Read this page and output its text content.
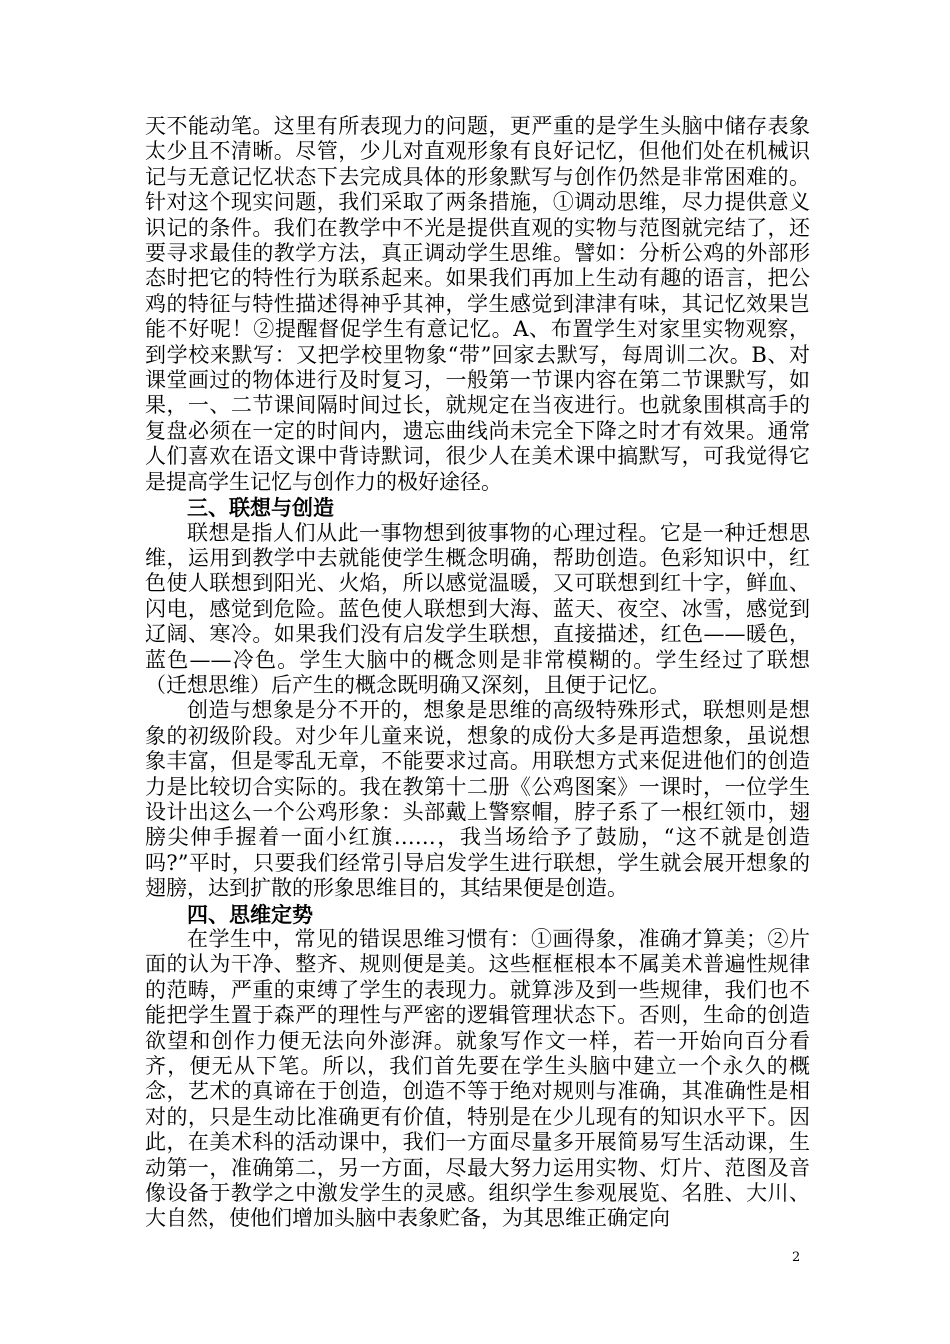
天不能动笔。这里有所表现力的问题，更严重的是学生头脑中储存表象太少且不清晰。尽管，少儿对直观形象有良好记忆，但他们处在机械识记与无意记忆状态下去完成具体的形象默写与创作仍然是非常困难的。针对这个现实问题，我们采取了两条措施，①调动思维，尽力提供意义识记的条件。我们在教学中不光是提供直观的实物与范图就完结了，还要寻求最佳的教学方法，真正调动学生思维。譬如：分析公鸡的外部形态时把它的特性行为联系起来。如果我们再加上生动有趣的语言，把公鸡的特征与特性描述得神乎其神，学生感觉到津津有味，其记忆效果岂能不好呢！②提醒督促学生有意记忆。A、布置学生对家里实物观察，到学校来默写：又把学校里物象“带”回家去默写，每周训二次。B、对课堂画过的物体进行及时复习，一般第一节课内容在第二节课默写，如果，一、二节课间隔时间过长，就规定在当夜进行。也就象围棋高手的复盘必须在一定的时间内，遗忘曲线尚未完全下降之时才有效果。通常人们喜欢在语文课中背诗默词，很少人在美术课中搞默写，可我觉得它是提高学生记忆与创作力的极好途径。

三、联想与创造

联想是指人们从此一事物想到彼事物的心理过程。它是一种迁想思维，运用到教学中去就能使学生概念明确，帮助创造。色彩知识中，红色使人联想到阳光、火焰，所以感觉温暖，又可联想到红十字，鲜血、闪电，感觉到危险。蓝色使人联想到大海、蓝天、夜空、冰雪，感觉到辽阔、寒冷。如果我们没有启发学生联想，直接描述，红色——暖色，蓝色——冷色。学生大脑中的概念则是非常模糊的。学生经过了联想（迁想思维）后产生的概念既明确又深刻，且便于记忆。

创造与想象是分不开的，想象是思维的高级特殊形式，联想则是想象的初级阶段。对少年儿童来说，想象的成份大多是再造想象，虽说想象丰富，但是零乱无章，不能要求过高。用联想方式来促进他们的创造力是比较切合实际的。我在教第十二册《公鸡图案》一课时，一位学生设计出这么一个公鸡形象：头部戴上警察帽，脖子系了一根红领巾，翅膀尖伸手握着一面小红旗……，我当场给予了鼓励，“这不就是创造吗?”平时，只要我们经常引导启发学生进行联想，学生就会展开想象的翅膀，达到扩散的形象思维目的，其结果便是创造。

四、思维定势

在学生中，常见的错误思维习惯有：①画得象，准确才算美；②片面的认为干净、整齐、规则便是美。这些框框根本不属美术普遍性规律的范畴，严重的束缚了学生的表现力。就算涉及到一些规律，我们也不能把学生置于森严的理性与严密的逻辑管理状态下。否则，生命的创造欲望和创作力便无法向外澎湃。就象写作文一样，若一开始向百分看齐，便无从下笔。所以，我们首先要在学生头脑中建立一个永久的概念，艺术的真谛在于创造，创造不等于绝对规则与准确，其准确性是相对的，只是生动比准确更有价值，特别是在少儿现有的知识水平下。因此，在美术科的活动课中，我们一方面尽量多开展简易写生活动课，生动第一，准确第二，另一方面，尽最大努力运用实物、灯片、范图及音像设备于教学之中激发学生的灵感。组织学生参观展览、名胜、大川、大自然，使他们增加头脑中表象贮备，为其思维正确定向

2
